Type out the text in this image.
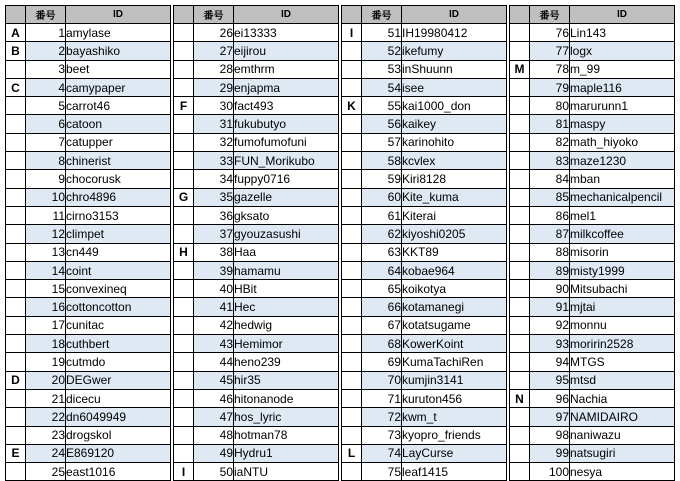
	番号	ID
A	1	amylase
B	2	bayashiko
	3	beet
C	4	camypaper
	5	carrot46
	6	catoon
	7	catupper
	8	chinerist
	9	chocorusk
	10	chro4896
	11	cirno3153
	12	climpet
	13	cn449
	14	coint
	15	convexineq
	16	cottoncotton
	17	cunitac
	18	cuthbert
	19	cutmdo
D	20	DEGwer
	21	dicecu
	22	dn6049949
	23	drogskol
E	24	E869120
	25	east1016
	番号	ID
	26	ei13333
	27	eijirou
	28	emthrm
	29	enjapma
F	30	fact493
	31	fukubutyo
	32	fumofumofuni
	33	FUN_Morikubo
	34	fuppy0716
G	35	gazelle
	36	gksato
	37	gyouzasushi
H	38	Haa
	39	hamamu
	40	HBit
	41	Hec
	42	hedwig
	43	Hemimor
	44	heno239
	45	hir35
	46	hitonanode
	47	hos_lyric
	48	hotman78
	49	Hydru1
I	50	iaNTU
	番号	ID
I	51	IH19980412
	52	ikefumy
	53	inShuunn
	54	isee
K	55	kai1000_don
	56	kaikey
	57	karinohito
	58	kcvlex
	59	Kiri8128
	60	Kite_kuma
	61	Kiterai
	62	kiyoshi0205
	63	KKT89
	64	kobae964
	65	koikotya
	66	kotamanegi
	67	kotatsugame
	68	KowerKoint
	69	KumaTachiRen
	70	kumjin3141
	71	kuruton456
	72	kwm_t
	73	kyopro_friends
L	74	LayCurse
	75	leaf1415
	番号	ID
	76	Lin143
	77	logx
M	78	m_99
	79	maple116
	80	marurunn1
	81	maspy
	82	math_hiyoko
	83	maze1230
	84	mban
	85	mechanicalpencil
	86	mel1
	87	milkcoffee
	88	misorin
	89	misty1999
	90	Mitsubachi
	91	mjtai
	92	monnu
	93	moririn2528
	94	MTGS
	95	mtsd
N	96	Nachia
	97	NAMIDAIRO
	98	naniwazu
	99	natsugiri
	100	nesya
